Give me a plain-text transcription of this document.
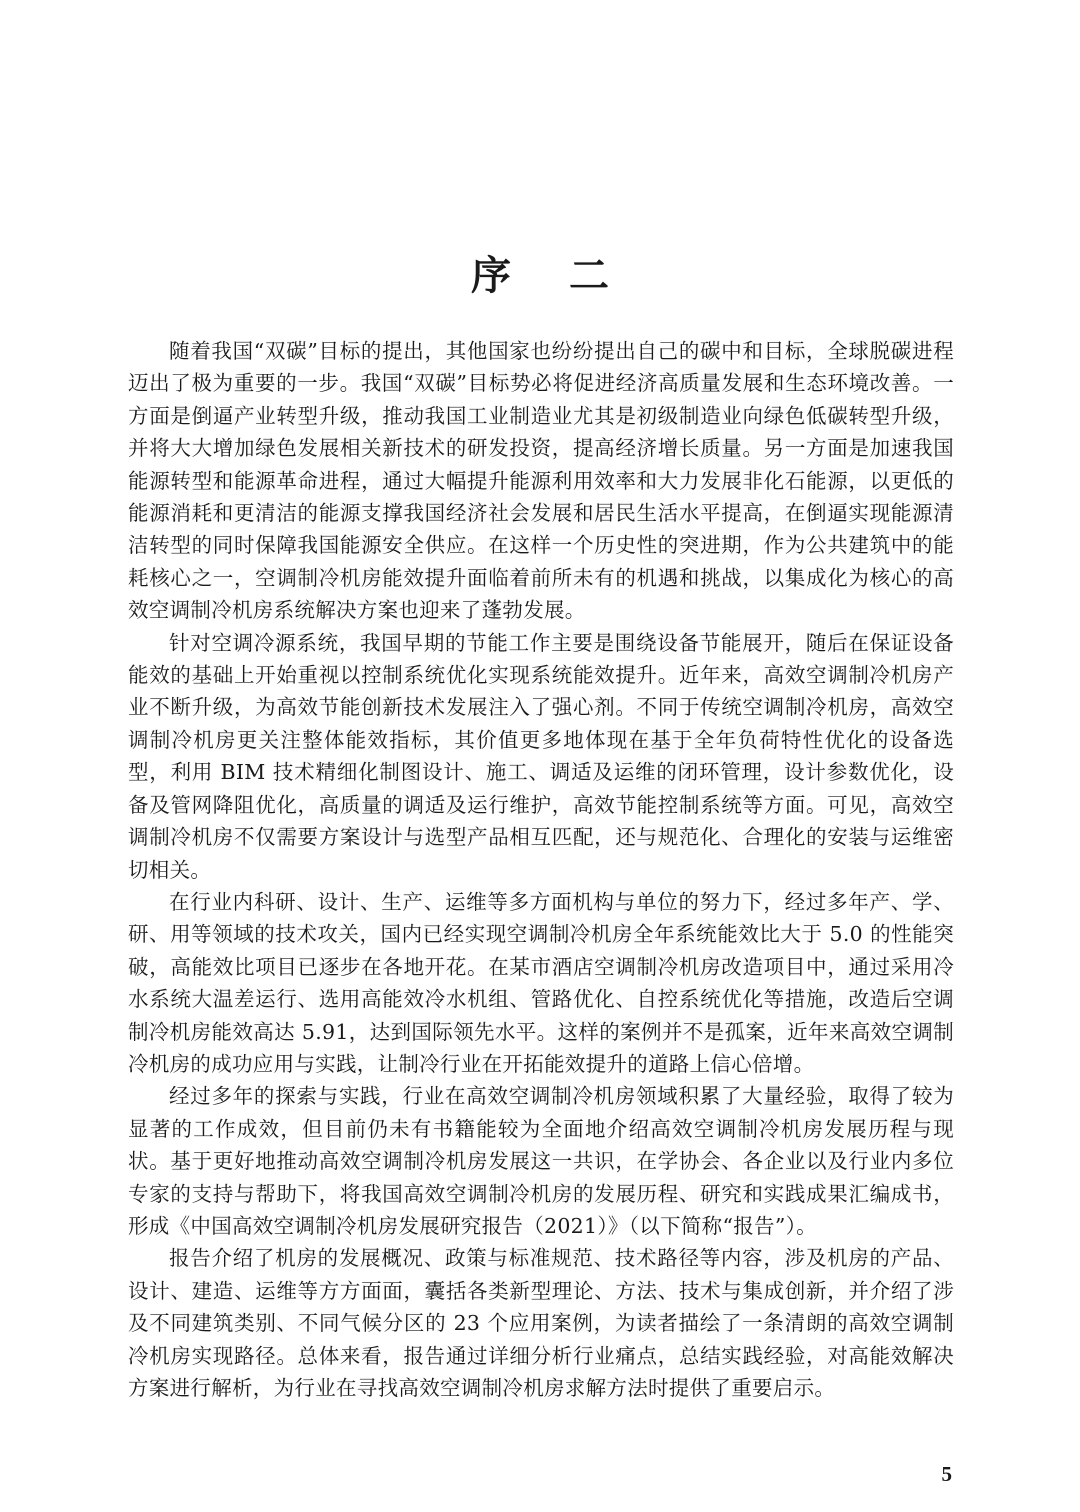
序 二

随着我国“双碳”目标的提出，其他国家也纷纷提出自己的碳中和目标，全球脱碳进程迈出了极为重要的一步。我国“双碳”目标势必将促进经济高质量发展和生态环境改善。一方面是倒逼产业转型升级，推动我国工业制造业尤其是初级制造业向绿色低碳转型升级，并将大大增加绿色发展相关新技术的研发投资，提高经济增长质量。另一方面是加速我国能源转型和能源革命进程，通过大幅提升能源利用效率和大力发展非化石能源，以更低的能源消耗和更清洁的能源支撑我国经济社会发展和居民生活水平提高，在倒逼实现能源清洁转型的同时保障我国能源安全供应。在这样一个历史性的突进期，作为公共建筑中的能耗核心之一，空调制冷机房能效提升面临着前所未有的机遇和挑战，以集成化为核心的高效空调制冷机房系统解决方案也迎来了蓬勃发展。

针对空调冷源系统，我国早期的节能工作主要是围绕设备节能展开，随后在保证设备能效的基础上开始重视以控制系统优化实现系统能效提升。近年来，高效空调制冷机房产业不断升级，为高效节能创新技术发展注入了强心剂。不同于传统空调制冷机房，高效空调制冷机房更关注整体能效指标，其价值更多地体现在基于全年负荷特性优化的设备选型，利用 BIM 技术精细化制图设计、施工、调适及运维的闭环管理，设计参数优化，设备及管网降阻优化，高质量的调适及运行维护，高效节能控制系统等方面。可见，高效空调制冷机房不仅需要方案设计与选型产品相互匹配，还与规范化、合理化的安装与运维密切相关。

在行业内科研、设计、生产、运维等多方面机构与单位的努力下，经过多年产、学、研、用等领域的技术攻关，国内已经实现空调制冷机房全年系统能效比大于 5.0 的性能突破，高能效比项目已逐步在各地开花。在某市酒店空调制冷机房改造项目中，通过采用冷水系统大温差运行、选用高能效冷水机组、管路优化、自控系统优化等措施，改造后空调制冷机房能效高达 5.91，达到国际领先水平。这样的案例并不是孤案，近年来高效空调制冷机房的成功应用与实践，让制冷行业在开拓能效提升的道路上信心倍增。

经过多年的探索与实践，行业在高效空调制冷机房领域积累了大量经验，取得了较为显著的工作成效，但目前仍未有书籍能较为全面地介绍高效空调制冷机房发展历程与现状。基于更好地推动高效空调制冷机房发展这一共识，在学协会、各企业以及行业内多位专家的支持与帮助下，将我国高效空调制冷机房的发展历程、研究和实践成果汇编成书，形成《中国高效空调制冷机房发展研究报告（2021）》（以下简称“报告”）。

报告介绍了机房的发展概况、政策与标准规范、技术路径等内容，涉及机房的产品、设计、建造、运维等方方面面，囊括各类新型理论、方法、技术与集成创新，并介绍了涉及不同建筑类别、不同气候分区的 23 个应用案例，为读者描绘了一条清朗的高效空调制冷机房实现路径。总体来看，报告通过详细分析行业痛点，总结实践经验，对高能效解决方案进行解析，为行业在寻找高效空调制冷机房求解方法时提供了重要启示。

5
